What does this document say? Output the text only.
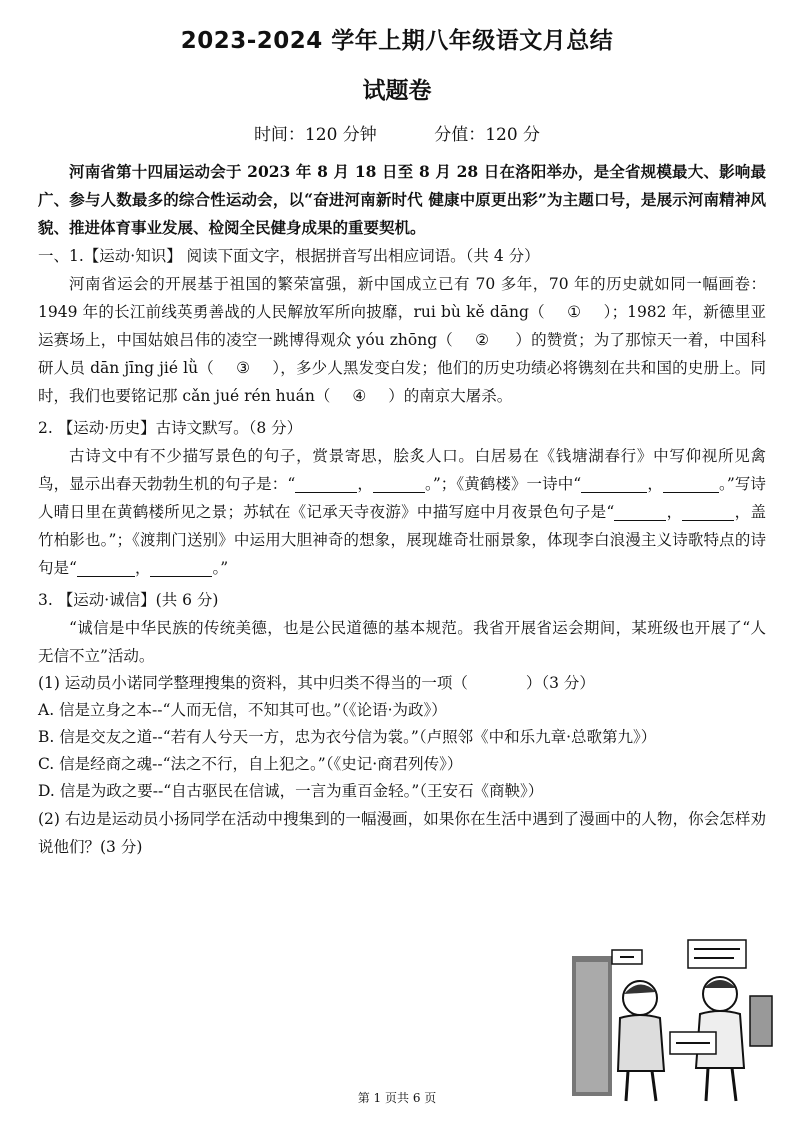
2023-2024 学年上期八年级语文月总结
试题卷
时间：120 分钟	分值：120 分

河南省第十四届运动会于 2023 年 8 月 18 日至 8 月 28 日在洛阳举办，是全省规模最大、影响最广、参与人数最多的综合性运动会，以“奋进河南新时代 健康中原更出彩”为主题口号，是展示河南精神风貌、推进体育事业发展、检阅全民健身成果的重要契机。

一、1.【运动·知识】 阅读下面文字，根据拼音写出相应词语。（共 4 分）

河南省运会的开展基于祖国的繁荣富强，新中国成立已有 70 多年，70 年的历史就如同一幅画卷：1949 年的长江前线英勇善战的人民解放军所向披靡，rui bù kě dāng（ ① ）；1982 年，新德里亚运赛场上，中国姑娘吕伟的凌空一跳博得观众 yóu zhōng（ ② ）的赞赏；为了那惊天一着，中国科研人员 dān jīng jié lǜ（ ③ ），多少人黑发变白发；他们的历史功绩必将镌刻在共和国的史册上。同时，我们也要铭记那 cǎn jué rén huán（ ④ ）的南京大屠杀。

2. 【运动·历史】古诗文默写。（8 分）

古诗文中有不少描写景色的句子，赏景寄思，脍炙人口。白居易在《钱塘湖春行》中写仰视所见禽鸟，显示出春天勃勃生机的句子是：“	，	。”；《黄鹤楼》一诗中“	，	。”写诗人晴日里在黄鹤楼所见之景；苏轼在《记承天寺夜游》中描写庭中月夜景色句子是“	，	，盖竹柏影也。”；《渡荆门送别》中运用大胆神奇的想象，展现雄奇壮丽景象，体现李白浪漫主义诗歌特点的诗句是“	，	。”

3. 【运动·诚信】(共 6 分)

“诚信是中华民族的传统美德，也是公民道德的基本规范。我省开展省运会期间，某班级也开展了“人无信不立”活动。

(1) 运动员小诺同学整理搜集的资料，其中归类不得当的一项（	）（3 分）

A. 信是立身之本--“人而无信，不知其可也。”（《论语·为政》）

B. 信是交友之道--“若有人兮天一方，忠为衣兮信为裳。”（卢照邻《中和乐九章·总歌第九》）

C. 信是经商之魂--“法之不行，自上犯之。”（《史记·商君列传》）

D. 信是为政之要--“自古驱民在信诚，一言为重百金轻。”（王安石《商鞅》）

(2) 右边是运动员小扬同学在活动中搜集到的一幅漫画，如果你在生活中遇到了漫画中的人物，你会怎样劝说他们？(3 分)

第 1 页共 6 页
